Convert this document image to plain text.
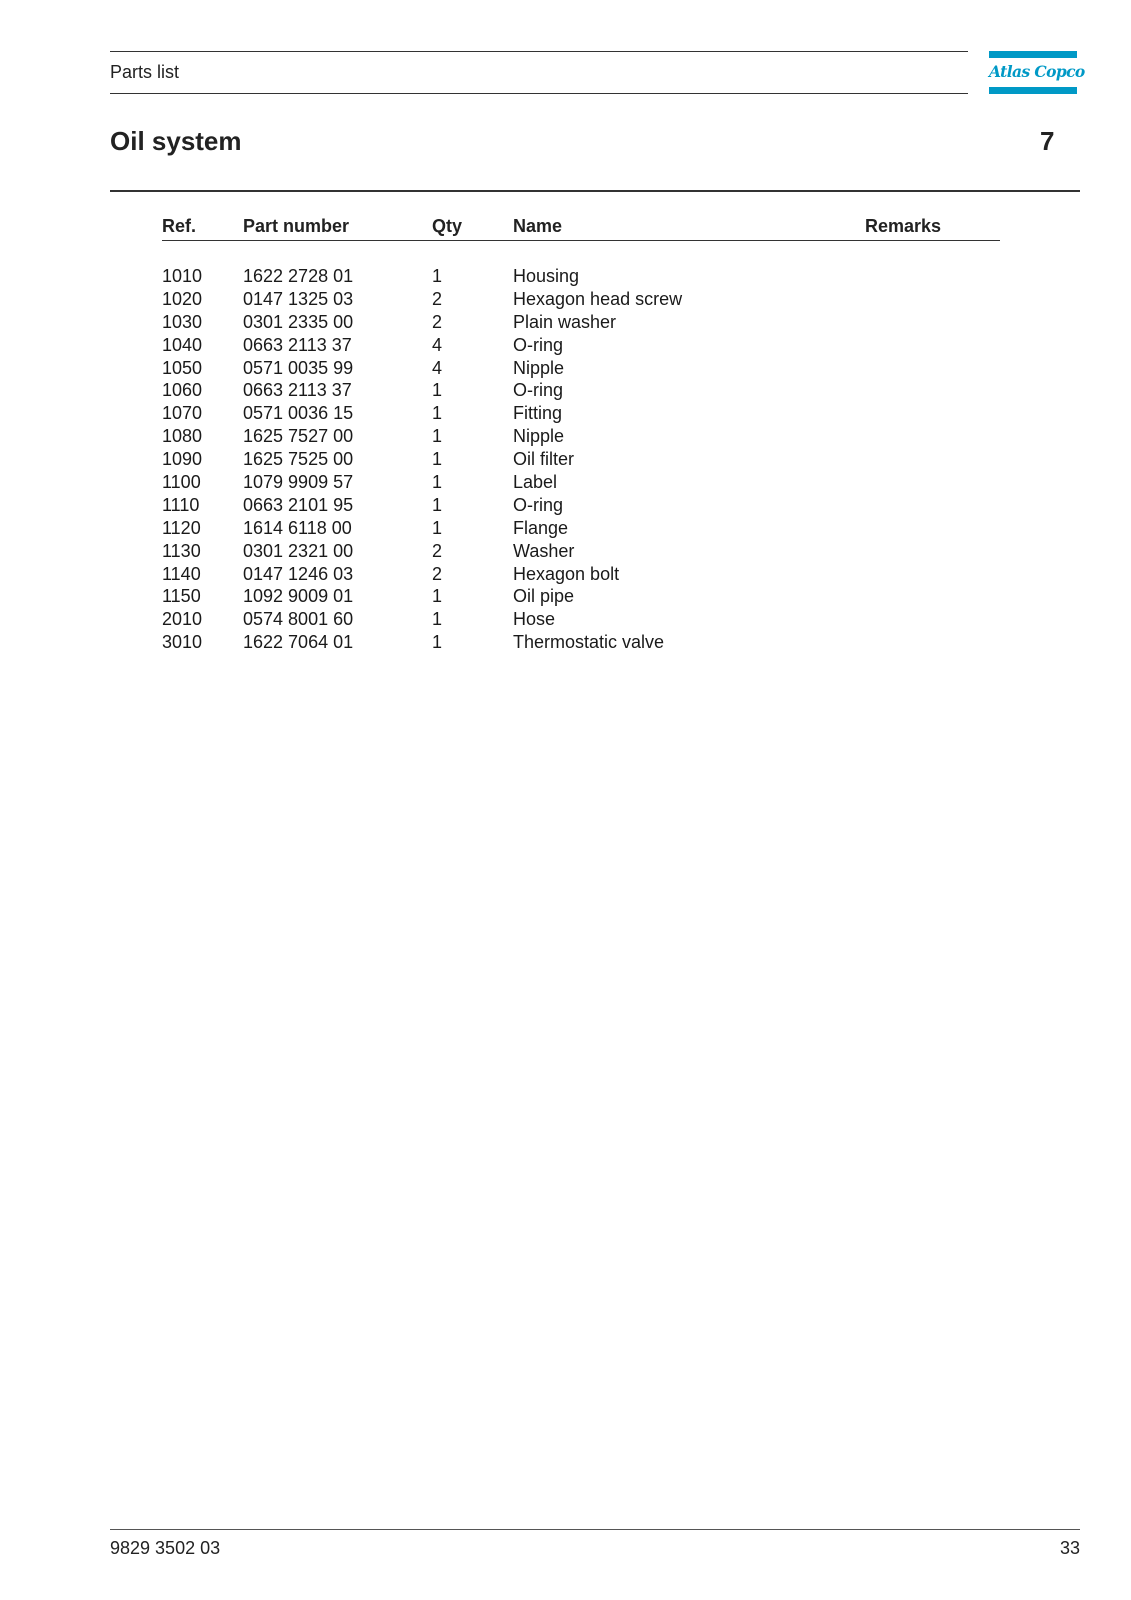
Parts list	Atlas Copco
Oil system	7
Ref.	Part number	Qty	Name	Remarks
1010 1622 2728 01	1	Housing
1020 0147 1325 03	2	Hexagon head screw
1030 0301 2335 00	2	Plain washer
1040 0663 2113 37	4	O-ring
1050 0571 0035 99	4	Nipple
1060 0663 2113 37	1	O-ring
1070 0571 0036 15	1	Fitting
1080 1625 7527 00	1	Nipple
1090 1625 7525 00	1	Oil filter
1100 1079 9909 57	1	Label
1110 0663 2101 95	1	O-ring
1120 1614 6118 00	1	Flange
1130 0301 2321 00	2	Washer
1140 0147 1246 03	2	Hexagon bolt
1150 1092 9009 01	1	Oil pipe
2010 0574 8001 60	1	Hose
3010 1622 7064 01	1	Thermostatic valve
9829 3502 03	33
